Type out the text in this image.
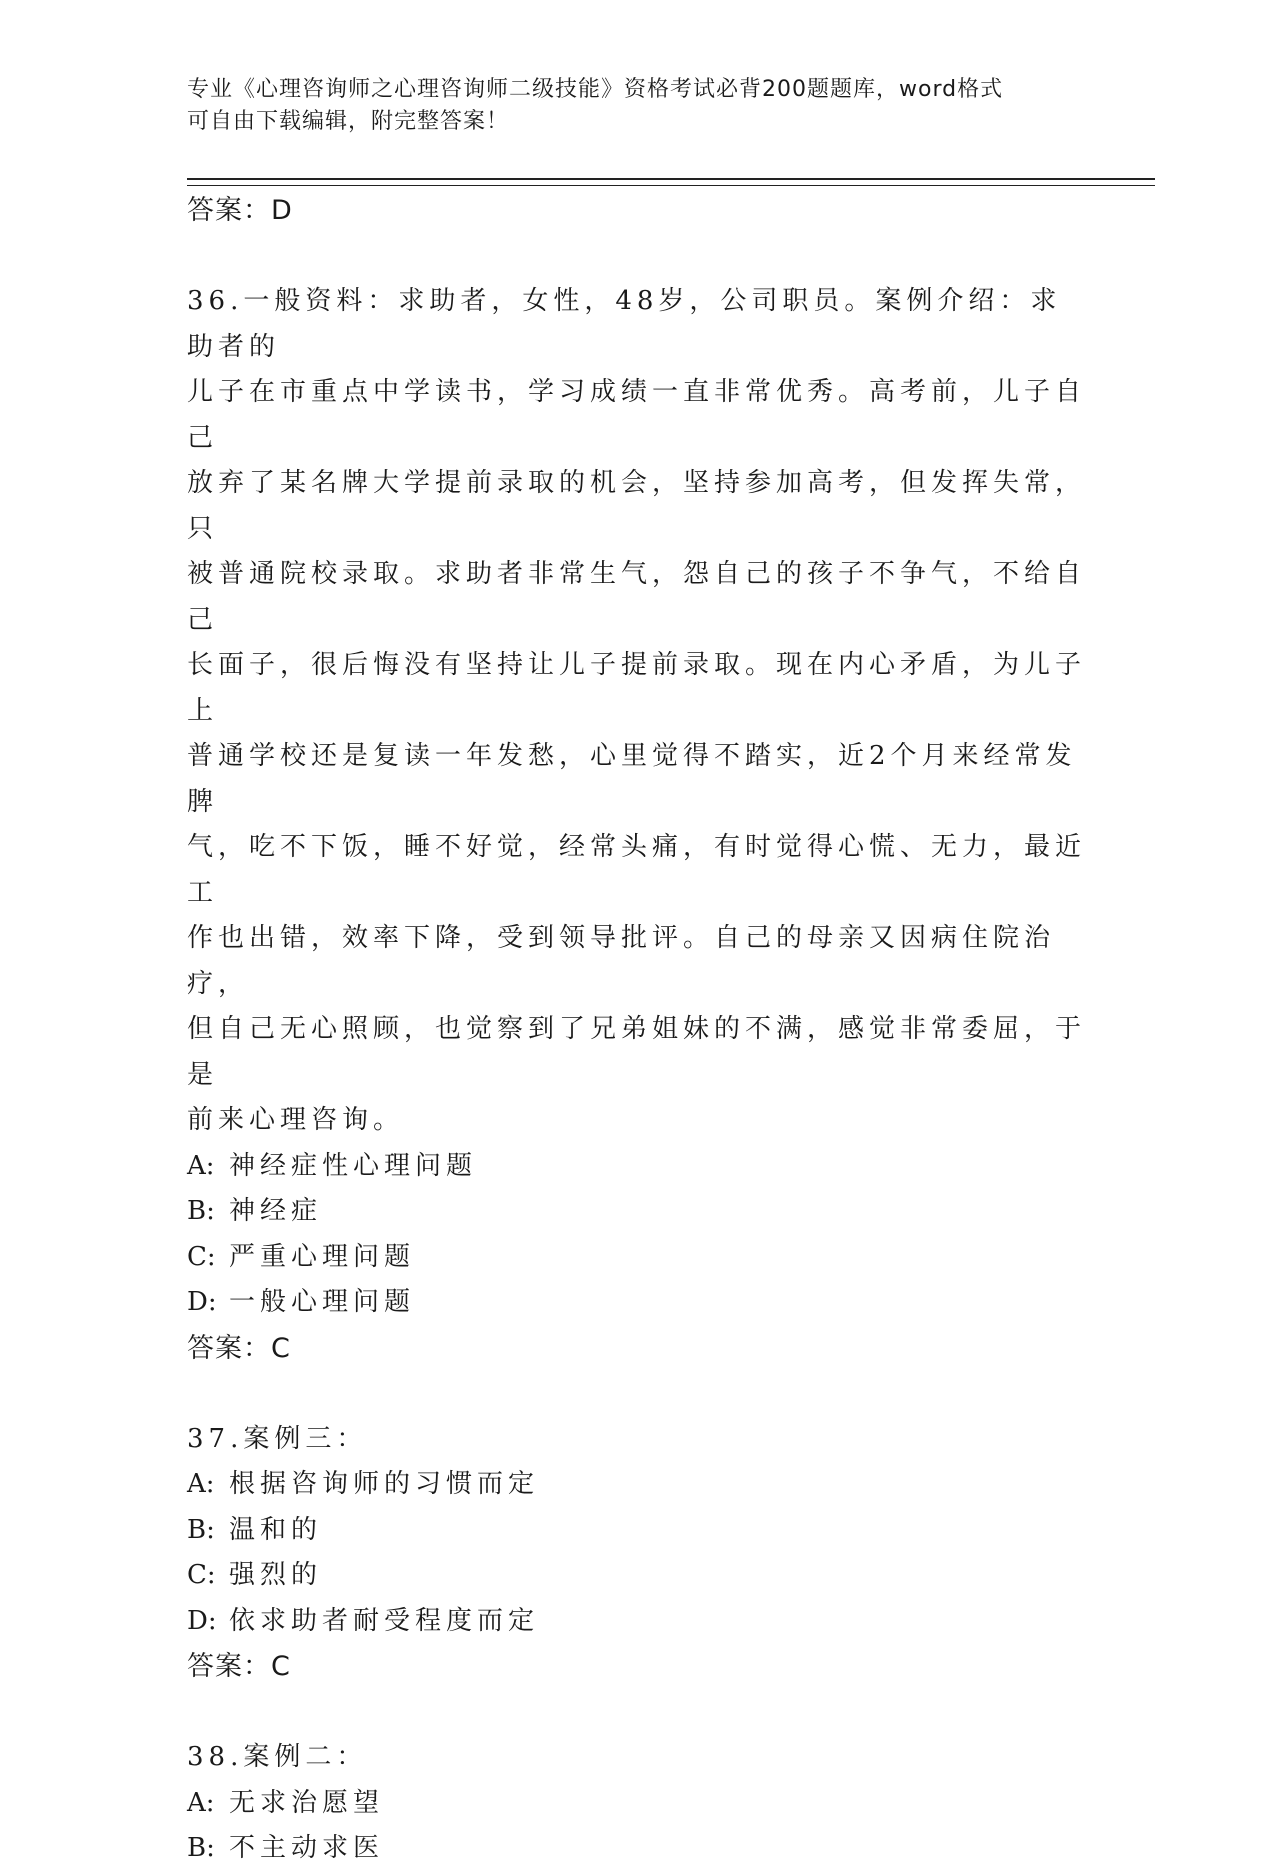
专业《心理咨询师之心理咨询师二级技能》资格考试必背200题题库，word格式
可自由下载编辑，附完整答案！
答案：D
36.一般资料：求助者，女性，48岁，公司职员。案例介绍：求助者的
儿子在市重点中学读书，学习成绩一直非常优秀。高考前，儿子自己
放弃了某名牌大学提前录取的机会，坚持参加高考，但发挥失常，只
被普通院校录取。求助者非常生气，怨自己的孩子不争气，不给自己
长面子，很后悔没有坚持让儿子提前录取。现在内心矛盾，为儿子上
普通学校还是复读一年发愁，心里觉得不踏实，近2个月来经常发脾
气，吃不下饭，睡不好觉，经常头痛，有时觉得心慌、无力，最近工
作也出错，效率下降，受到领导批评。自己的母亲又因病住院治疗，
但自己无心照顾，也觉察到了兄弟姐妹的不满，感觉非常委屈，于是
前来心理咨询。
A: 神经症性心理问题
B: 神经症
C: 严重心理问题
D: 一般心理问题
答案：C
37.案例三：
A: 根据咨询师的习惯而定
B: 温和的
C: 强烈的
D: 依求助者耐受程度而定
答案：C
38.案例二：
A: 无求治愿望
B: 不主动求医
